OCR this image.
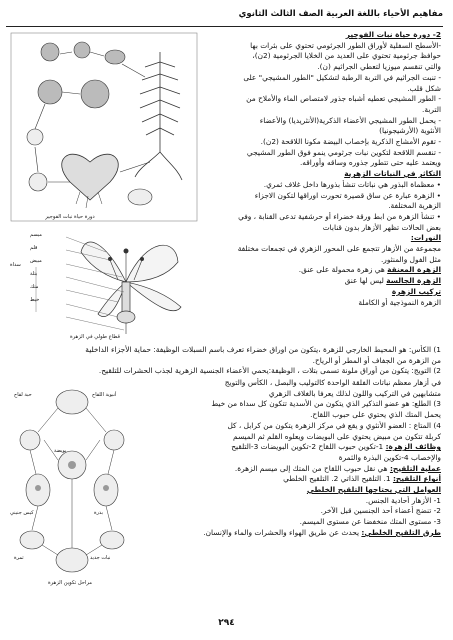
مفاهيم الأحياء باللغة العربية الصف الثالث الثانوي
دورة حياة نبات الفوجير
2- دورة حياة نبات الفوجير
-الأسطح السفلية لأوراق الطور الجرثومي تحتوي على بثرات بها
حوافظ جرثومية تحتوي على العديد من الخلايا الجرثومية (2ن)،
والتي تنقسم ميوزيا لتعطي الجراثيم (ن).
- تنبت الجراثيم في التربة الرطبة لتشكيل "الطور المشيجي" على
شكل قلب.
- الطور المشيجي تعطيه أشباه جذور لامتصاص الماء والأملاح من
التربة.
- يحمل الطور المشيجي الأعضاء الذكرية(الأنثريديا) والأعضاء
الأنثوية (الأرشيجونيا)
- تقوم الأمشاج الذكرية بإخصاب البيضة مكونا اللاقحة (2ن).
- تنقسم اللاقحة لتكوين نبات جرثومي ينمو فوق الطور المشيجي
ويعتمد عليه حتى تتطور جذوره وساقه وأوراقه.
التكاثر في النباتات الزهرية
• معظماة البذور هي نباتات تنشأ بذورها داخل غلاف ثمري.
• الزهرة عبارة عن ساق قصيرة تحورت اوراقها لتكون الاجزاء
الزهرية المختلفة.
• تنشأ الزهرة من ابط ورقة خضراء أو حرشفية تدعى القنابة ، وفي
بعض الحالات تظهر الأزهار بدون قنابات
النورات:
مجموعة من الأزهار تتجمع على المحور الزهري في تجمعات مختلفة
مثل الفول والمنثور.
الزهرة المعنقة هي زهرة محمولة على عنق.
الزهرة الجالسة ليس لها عنق
تركيب الزهرة
الزهرة النموذجية أو الكاملة
ميسم
قلم
مبيض
بتلة
متك
خيط
سداة
قطاع طولي في الزهرة
1) الكأس: هو المحيط الخارجي للزهرة ،يتكون من اوراق خضراء تعرف باسم السبلات الوظيفة: حماية الأجزاء الداخلية
من الزهرة من الجفاف أو المطر أو الرياح.
2) التويج: يتكون من أوراق ملونة تسمى بتلات ، الوظيفة:يحمي الأعضاء الجنسية الزهرية لجذب الحشرات للتلقيح.
حبة لقاح	أنبوبة اللقاح
بويضة
كيس جنيني	بذرة
ثمرة	نبات جديد
مراحل تكوين الزهرة
في أزهار معظم نباتات الفلقة الواحدة كالتوليب والبصل ، الكأس والتويج
متشابهين في التركيب واللون لذلك يعرفا بالغلاف الزهري
3) الطلع: هو عضو التذكير الذي يتكون من الأسدية تتكون كل سداة من خيط
يحمل المتك الذي يحتوي على حبوب اللقاح.
4) المتاع : العضو الأنثوي و يقع في مركز الزهرة يتكون من كرابل ، كل
كربلة تتكون من مبيض يحتوي على البويضات ويعلوه القلم ثم الميسم
وظائف الزهرة: 1-تكوين حبوب اللقاح 2-تكوين البويضات 3-التلقيح
والإخصاب 4-تكوين البذرة والثمرة
عملية التلقيح: هي نقل حبوب اللقاح من المتك إلى ميسم الزهرة.
أنواع التلقيح: 1. التلقيح الذاتي 2. التلقيح الخلطي
العوامل التي يحتاجها التلقيح الخلطي
1- الأزهار أحادية الجنس.
2- تنضج أعضاء أحد الجنسين قبل الآخر.
3- مستوى المتك منخفضا عن مستوى الميسم.
طرق التلقيح الخلطي: يحدث عن طريق الهواء والحشرات والماء والإنسان.
٢٩٤
